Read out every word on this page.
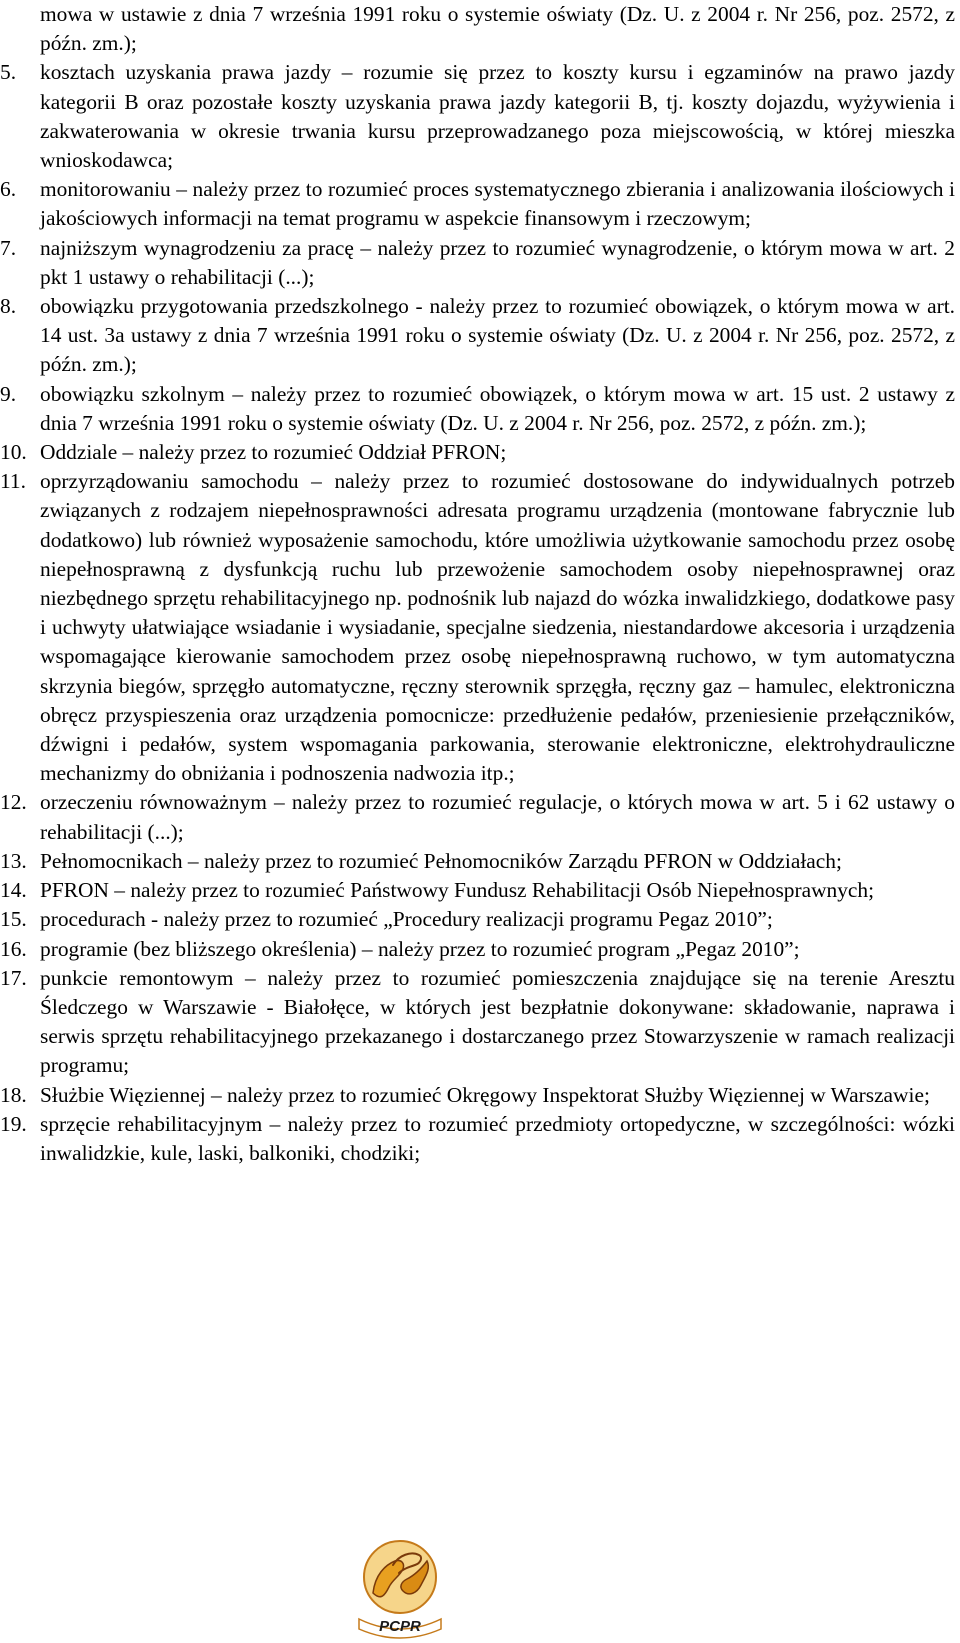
mowa w ustawie z dnia 7 września 1991 roku o systemie oświaty (Dz. U. z 2004 r. Nr 256, poz. 2572, z późn. zm.);

5.	kosztach uzyskania prawa jazdy – rozumie się przez to koszty kursu i egzaminów na prawo jazdy kategorii B oraz pozostałe koszty uzyskania prawa jazdy kategorii B, tj. koszty dojazdu, wyżywienia i zakwaterowania w okresie trwania kursu przeprowadzanego poza miejscowością, w której mieszka wnioskodawca;
6.	monitorowaniu – należy przez to rozumieć proces systematycznego zbierania i analizowania ilościowych i jakościowych informacji na temat programu w aspekcie finansowym i rzeczowym;
7.	najniższym wynagrodzeniu za pracę – należy przez to rozumieć wynagrodzenie, o którym mowa w art. 2 pkt 1 ustawy o rehabilitacji (...);
8.	obowiązku przygotowania przedszkolnego - należy przez to rozumieć obowiązek, o którym mowa w art. 14 ust. 3a ustawy z dnia 7 września 1991 roku o systemie oświaty (Dz. U. z 2004 r. Nr 256, poz. 2572, z późn. zm.);
9.	obowiązku szkolnym – należy przez to rozumieć obowiązek, o którym mowa w art. 15 ust. 2 ustawy z dnia 7 września 1991 roku o systemie oświaty (Dz. U. z 2004 r. Nr 256, poz. 2572, z późn. zm.);
10. Oddziale – należy przez to rozumieć Oddział PFRON;
11. oprzyrządowaniu samochodu – należy przez to rozumieć dostosowane do indywidualnych potrzeb związanych z rodzajem niepełnosprawności adresata programu urządzenia (montowane fabrycznie lub dodatkowo) lub również wyposażenie samochodu, które umożliwia użytkowanie samochodu przez osobę niepełnosprawną z dysfunkcją ruchu lub przewożenie samochodem osoby niepełnosprawnej oraz niezbędnego sprzętu rehabilitacyjnego np. podnośnik lub najazd do wózka inwalidzkiego, dodatkowe pasy i uchwyty ułatwiające wsiadanie i wysiadanie, specjalne siedzenia, niestandardowe akcesoria i urządzenia wspomagające kierowanie samochodem przez osobę niepełnosprawną ruchowo, w tym automatyczna skrzynia biegów, sprzęgło automatyczne, ręczny sterownik sprzęgła, ręczny gaz – hamulec, elektroniczna obręcz przyspieszenia oraz urządzenia pomocnicze: przedłużenie pedałów, przeniesienie przełączników, dźwigni i pedałów, system wspomagania parkowania, sterowanie elektroniczne, elektrohydrauliczne mechanizmy do obniżania i podnoszenia nadwozia itp.;
12. orzeczeniu równoważnym – należy przez to rozumieć regulacje, o których mowa w art. 5 i 62 ustawy o rehabilitacji (...);
13. Pełnomocnikach – należy przez to rozumieć Pełnomocników Zarządu PFRON w Oddziałach;
14. PFRON – należy przez to rozumieć Państwowy Fundusz Rehabilitacji Osób Niepełnosprawnych;
15. procedurach - należy przez to rozumieć „Procedury realizacji programu Pegaz 2010”;
16. programie (bez bliższego określenia) – należy przez to rozumieć program „Pegaz 2010”;
17. punkcie remontowym – należy przez to rozumieć pomieszczenia znajdujące się na terenie Aresztu Śledczego w Warszawie - Białołęce, w których jest bezpłatnie dokonywane: składowanie, naprawa i serwis sprzętu rehabilitacyjnego przekazanego i dostarczanego przez Stowarzyszenie w ramach realizacji programu;
18. Służbie Więziennej – należy przez to rozumieć Okręgowy Inspektorat Służby Więziennej w Warszawie;
19. sprzęcie rehabilitacyjnym – należy przez to rozumieć przedmioty ortopedyczne, w szczególności: wózki inwalidzkie, kule, laski, balkoniki, chodziki;
PCPR
